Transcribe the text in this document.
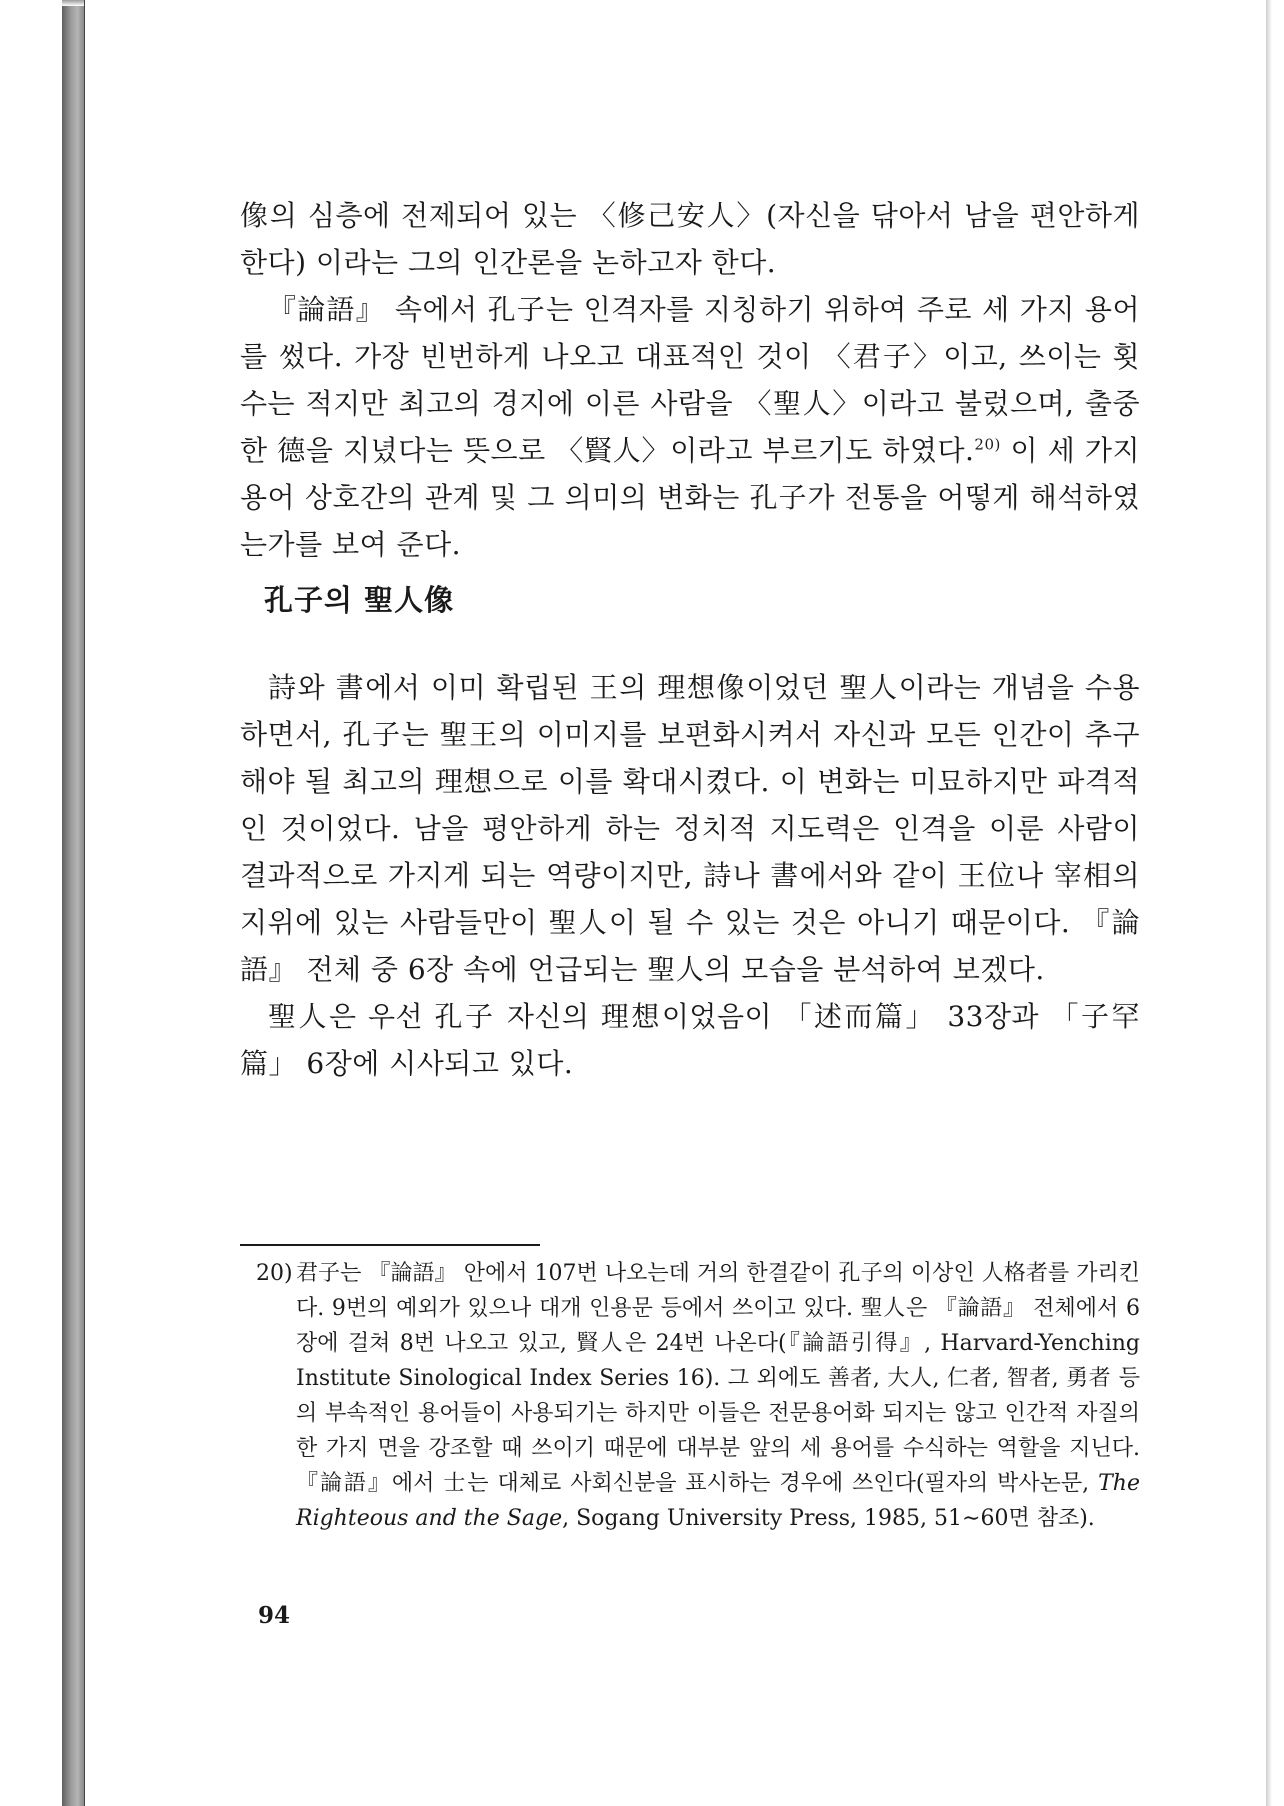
像의 심층에 전제되어 있는 〈修己安人〉(자신을 닦아서 남을 편안하게 한다) 이라는 그의 인간론을 논하고자 한다.

『論語』 속에서 孔子는 인격자를 지칭하기 위하여 주로 세 가지 용어를 썼다. 가장 빈번하게 나오고 대표적인 것이 〈君子〉이고, 쓰이는 횟수는 적지만 최고의 경지에 이른 사람을 〈聖人〉이라고 불렀으며, 출중한 德을 지녔다는 뜻으로 〈賢人〉이라고 부르기도 하였다.$^{20)}$ 이 세 가지 용어 상호간의 관계 및 그 의미의 변화는 孔子가 전통을 어떻게 해석하였는가를 보여 준다.

孔子의 聖人像

詩와 書에서 이미 확립된 王의 理想像이었던 聖人이라는 개념을 수용하면서, 孔子는 聖王의 이미지를 보편화시켜서 자신과 모든 인간이 추구해야 될 최고의 理想으로 이를 확대시켰다. 이 변화는 미묘하지만 파격적인 것이었다. 남을 평안하게 하는 정치적 지도력은 인격을 이룬 사람이 결과적으로 가지게 되는 역량이지만, 詩나 書에서와 같이 王位나 宰相의 지위에 있는 사람들만이 聖人이 될 수 있는 것은 아니기 때문이다. 『論語』 전체 중 6장 속에 언급되는 聖人의 모습을 분석하여 보겠다.

聖人은 우선 孔子 자신의 理想이었음이 「述而篇」 33장과 「子罕篇」 6장에 시사되고 있다.

20) 君子는 『論語』 안에서 107번 나오는데 거의 한결같이 孔子의 이상인 人格者를 가리킨다. 9번의 예외가 있으나 대개 인용문 등에서 쓰이고 있다. 聖人은 『論語』 전체에서 6장에 걸쳐 8번 나오고 있고, 賢人은 24번 나온다(『論語引得』, Harvard-Yenching Institute Sinological Index Series 16). 그 외에도 善者, 大人, 仁者, 智者, 勇者 등의 부속적인 용어들이 사용되기는 하지만 이들은 전문용어화 되지는 않고 인간적 자질의 한 가지 면을 강조할 때 쓰이기 때문에 대부분 앞의 세 용어를 수식하는 역할을 지닌다. 『論語』에서 士는 대체로 사회신분을 표시하는 경우에 쓰인다(필자의 박사논문, The Righteous and the Sage, Sogang University Press, 1985, 51∼60면 참조).
94
